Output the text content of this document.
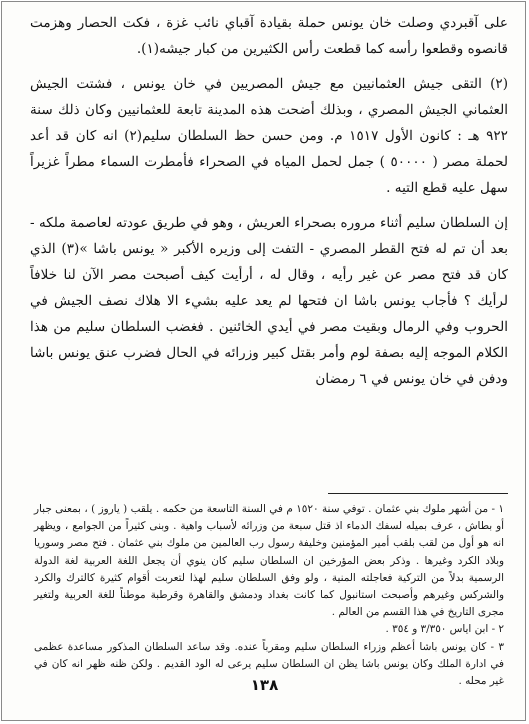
على آقبردي وصلت خان يونس حملة بقيادة آقباي نائب غزة ، فكت الحصار وهزمت قانصوه وقطعوا رأسه كما قطعت رأس الكثيرين من كبار جيشه(١).

(٢) التقى جيش العثمانيين مع جيش المصريين في خان يونس ، فشتت الجيش العثماني الجيش المصري ، وبذلك أضحت هذه المدينة تابعة للعثمانيين وكان ذلك سنة ٩٢٢ هـ : كانون الأول ١٥١٧ م. ومن حسن حظ السلطان سليم(٢) انه كان قد أعد لحملة مصر ( ٥٠٠٠٠ ) جمل لحمل المياه في الصحراء فأمطرت السماء مطراً غزيراً سهل عليه قطع التيه .

إن السلطان سليم أثناء مروره بصحراء العريش ، وهو في طريق عودته لعاصمة ملكه - بعد أن تم له فتح القطر المصري - التفت إلى وزيره الأكبر « يونس باشا »(٣) الذي كان قد فتح مصر عن غير رأيه ، وقال له ، أرأيت كيف أصبحت مصر الآن لنا خلافاً لرأيك ؟ فأجاب يونس باشا ان فتحها لم يعد عليه بشيء الا هلاك نصف الجيش في الحروب وفي الرمال وبقيت مصر في أيدي الخائنين . فغضب السلطان سليم من هذا الكلام الموجه إليه بصفة لوم وأمر بقتل كبير وزرائه في الحال فضرب عنق يونس باشا ودفن في خان يونس في ٦ رمضان

١ - من أشهر ملوك بني عثمان . توفي سنة ١٥٢٠ م في السنة التاسعة من حكمه . يلقب ( ياروز ) ، بمعنى جبار أو بطاش ، عرف بميله لسفك الدماء اذ قتل سبعة من وزرائه لأسباب واهية . وبنى كثيراً من الجوامع ، ويظهر انه هو أول من لقب بلقب أمير المؤمنين وخليفة رسول رب العالمين من ملوك بني عثمان . فتح مصر وسوريا وبلاد الكرد وغيرها . وذكر بعض المؤرخين ان السلطان سليم كان ينوي أن يجعل اللغة العربية لغة الدولة الرسمية بدلاً من التركية فعاجلته المنية ، ولو وفق السلطان سليم لهذا لتعربت أقوام كثيرة كالترك والكرد والشركس وغيرهم وأصبحت استانبول كما كانت بغداد ودمشق والقاهرة وقرطبة موطناً للغة العربية ولتغير مجرى التاريخ في هذا القسم من العالم .

٢ - ابن اياس ٣/٣٥٠ و ٣٥٤ .

٣ - كان يونس باشا أعظم وزراء السلطان سليم ومقرباً عنده. وقد ساعد السلطان المذكور مساعدة عظمى في ادارة الملك وكان يونس باشا يظن ان السلطان سليم يرعى له الود القديم . ولكن ظنه ظهر انه كان في غير محله .

١٣٨
